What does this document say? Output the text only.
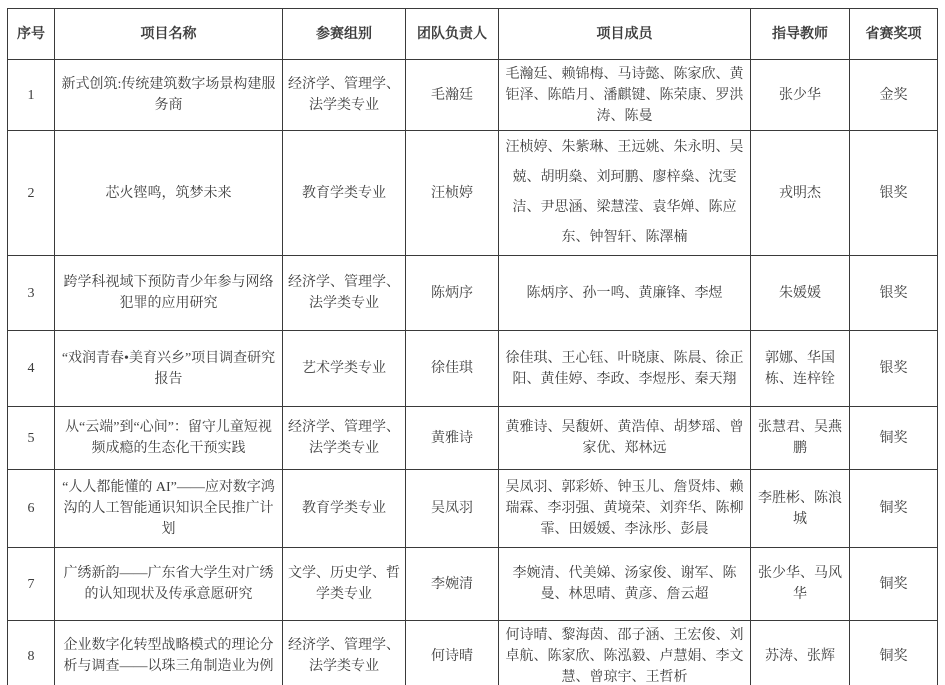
序号	项目名称	参赛组别	团队负责人	项目成员	指导教师	省赛奖项
1	新式创筑:传统建筑数字场景构建服务商	经济学、管理学、法学类专业	毛瀚廷	毛瀚廷、赖锦梅、马诗懿、陈家欣、黄钜泽、陈皓月、潘麒键、陈荣康、罗洪涛、陈曼	张少华	金奖
2	芯火铿鸣，筑梦未来	教育学类专业	汪桢婷	汪桢婷、朱紫琳、王远姚、朱永明、吴兢、胡明燊、刘珂鹏、廖梓燊、沈雯洁、尹思涵、梁慧滢、袁华婵、陈应东、钟智轩、陈澤楠	戎明杰	银奖
3	跨学科视域下预防青少年参与网络犯罪的应用研究	经济学、管理学、法学类专业	陈炳序	陈炳序、孙一鸣、黄廉锋、李煜	朱媛媛	银奖
4	“戏润青春•美育兴乡”项目调查研究报告	艺术学类专业	徐佳琪	徐佳琪、王心钰、叶晓康、陈晨、徐正阳、黄佳婷、李政、李煜彤、秦天翔	郭娜、华国栋、连梓铨	银奖
5	从“云端”到“心间”：留守儿童短视频成瘾的生态化干预实践	经济学、管理学、法学类专业	黄雅诗	黄雅诗、吴馥妍、黄浩倬、胡梦瑶、曾家优、郑林远	张慧君、吴燕鹏	铜奖
6	“人人都能懂的 AI”——应对数字鸿沟的人工智能通识知识全民推广计划	教育学类专业	吴凤羽	吴凤羽、郭彩娇、钟玉儿、詹贤炜、赖瑞霖、李羽强、黄境荣、刘弈华、陈柳霏、田媛媛、李泳彤、彭晨	李胜彬、陈浪城	铜奖
7	广绣新韵——广东省大学生对广绣的认知现状及传承意愿研究	文学、历史学、哲学类专业	李婉清	李婉清、代美娣、汤家俊、谢军、陈曼、林思晴、黄彦、詹云超	张少华、马风华	铜奖
8	企业数字化转型战略模式的理论分析与调查——以珠三角制造业为例	经济学、管理学、法学类专业	何诗晴	何诗晴、黎海茵、邵子涵、王宏俊、刘卓航、陈家欣、陈泓毅、卢慧娟、李文慧、曾琼宇、王哲析	苏涛、张辉	铜奖
